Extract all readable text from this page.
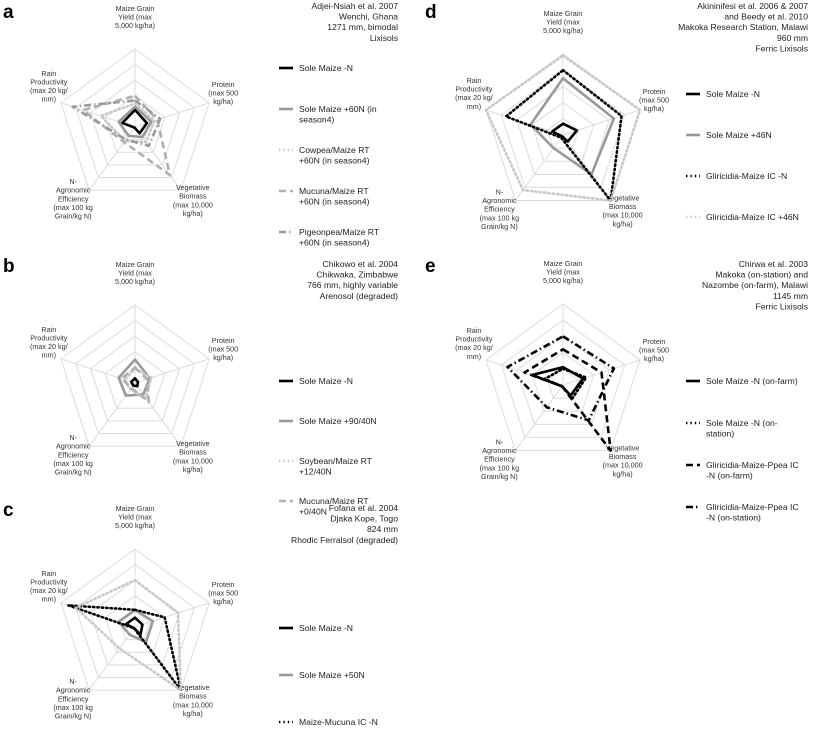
a	Maize Grain Yield (max 5,000 kg/ha)
Protein (max 500 kg/ha)
Vegetative Biomass (max 10,000 kg/ha)
N-Agronomic Efficiency (max 100 kg Grain/kg N)
Rain Productivity (max 20 kg/ mm)
Adjei-Nsiah et al. 2007 Wenchi, Ghana 1271 mm, bimodal Lixisols
Sole Maize -N
Sole Maize +60N (in season4)
Cowpea/Maize RT +60N (in season4)
Mucuna/Maize RT +60N (in season4)
Pigeonpea/Maize RT +60N (in season4)
b	Maize Grain Yield (max 5,000 kg/ha)
Protein (max 500 kg/ha)
Vegetative Biomass (max 10,000 kg/ha)
N-Agronomic Efficiency (max 100 kg Grain/kg N)
Rain Productivity (max 20 kg/ mm)
Chikowo et al. 2004 Chikwaka, Zimbabwe 766 mm, highly variable Arenosol (degraded)
Sole Maize -N
Sole Maize +90/40N
Soybean/Maize RT +12/40N
Mucuna/Maize RT +0/40N
c	Maize Grain Yield (max 5,000 kg/ha)
Protein (max 500 kg/ha)
Vegetative Biomass (max 10,000 kg/ha)
N-Agronomic Efficiency (max 100 kg Grain/kg N)
Rain Productivity (max 20 kg/ mm)
Fofana et al. 2004 Djaka Kope, Togo 824 mm Rhodic Ferralsol (degraded)
Sole Maize -N
Sole Maize +50N
Maize-Mucuna IC -N
d	Maize Grain Yield (max 5,000 kg/ha)
Protein (max 500 kg/ha)
Vegetative Biomass (max 10,000 kg/ha)
N-Agronomic Efficiency (max 100 kg Grain/kg N)
Rain Productivity (max 20 kg/ mm)
Akininifesi et al. 2006 & 2007 and Beedy et al. 2010 Makoka Research Station, Malawi 960 mm Ferric Lixisols
Sole Maize -N
Sole Maize +46N
Gliricidia-Maize IC -N
Gliricidia-Maize IC +46N
e	Maize Grain Yield (max 5,000 kg/ha)
Protein (max 500 kg/ha)
Vegetative Biomass (max 10,000 kg/ha)
N-Agronomic Efficiency (max 100 kg Grain/kg N)
Rain Productivity (max 20 kg/ mm)
Chirwa et al. 2003 Makoka (on-station) and Nazombe (on-farm), Malawi 1145 mm Ferric Lixisols
Sole Maize -N (on-farm)
Sole Maize -N (on-station)
Gliricidia-Maize-Ppea IC -N (on-farm)
Gliricidia-Maize-Ppea IC -N (on-station)
